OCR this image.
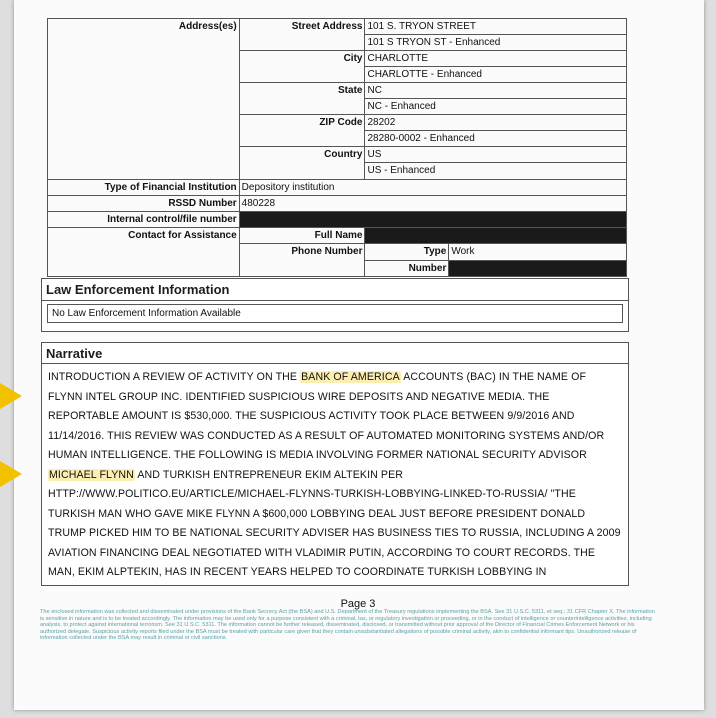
Address(es)	Street Address	101 S. TRYON STREET	
		101 S TRYON ST - Enhanced	
	City	CHARLOTTE	
		CHARLOTTE - Enhanced	
	State	NC	
		NC - Enhanced	
	ZIP Code	28202	
		28280-0002 - Enhanced	
	Country	US	
		US - Enhanced	
Type of Financial Institution	Depository institution		
RSSD Number	480228		
Internal control/file number			
Contact for Assistance	Full Name		
	Phone Number	Type	Work
		Number	
Law Enforcement Information
No Law Enforcement Information Available
Narrative
INTRODUCTION A REVIEW OF ACTIVITY ON THE BANK OF AMERICA ACCOUNTS (BAC) IN THE NAME OF FLYNN INTEL GROUP INC. IDENTIFIED SUSPICIOUS WIRE DEPOSITS AND NEGATIVE MEDIA. THE REPORTABLE AMOUNT IS $530,000. THE SUSPICIOUS ACTIVITY TOOK PLACE BETWEEN 9/9/2016 AND 11/14/2016. THIS REVIEW WAS CONDUCTED AS A RESULT OF AUTOMATED MONITORING SYSTEMS AND/OR HUMAN INTELLIGENCE. THE FOLLOWING IS MEDIA INVOLVING FORMER NATIONAL SECURITY ADVISOR MICHAEL FLYNN AND TURKISH ENTREPRENEUR EKIM ALTEKIN PER HTTP://WWW.POLITICO.EU/ARTICLE/MICHAEL-FLYNNS-TURKISH-LOBBYING-LINKED-TO-RUSSIA/ "THE TURKISH MAN WHO GAVE MIKE FLYNN A $600,000 LOBBYING DEAL JUST BEFORE PRESIDENT DONALD TRUMP PICKED HIM TO BE NATIONAL SECURITY ADVISER HAS BUSINESS TIES TO RUSSIA, INCLUDING A 2009 AVIATION FINANCING DEAL NEGOTIATED WITH VLADIMIR PUTIN, ACCORDING TO COURT RECORDS. THE MAN, EKIM ALPTEKIN, HAS IN RECENT YEARS HELPED TO COORDINATE TURKISH LOBBYING IN
Page 3
The enclosed information was collected and disseminated under provisions of the Bank Secrecy Act (the BSA) and U.S. Department of the Treasury regulations implementing the BSA. See 31 U.S.C. 5311, et seq.; 31 CFR Chapter X. The information is sensitive in nature and is to be treated accordingly. The information may be used only for a purpose consistent with a criminal, tax, or regulatory investigation or proceeding, or in the conduct of intelligence or counterintelligence activities, including analysis, to protect against international terrorism. See 31 U.S.C. 5311. The information cannot be further released, disseminated, disclosed, or transmitted without prior approval of the Director of Financial Crimes Enforcement Network or his authorized delegate. Suspicious activity reports filed under the BSA must be treated with particular care given that they contain unsubstantiated allegations of possible criminal activity, akin to confidential informant tips. Unauthorized release of information collected under the BSA may result in criminal or civil sanctions.
